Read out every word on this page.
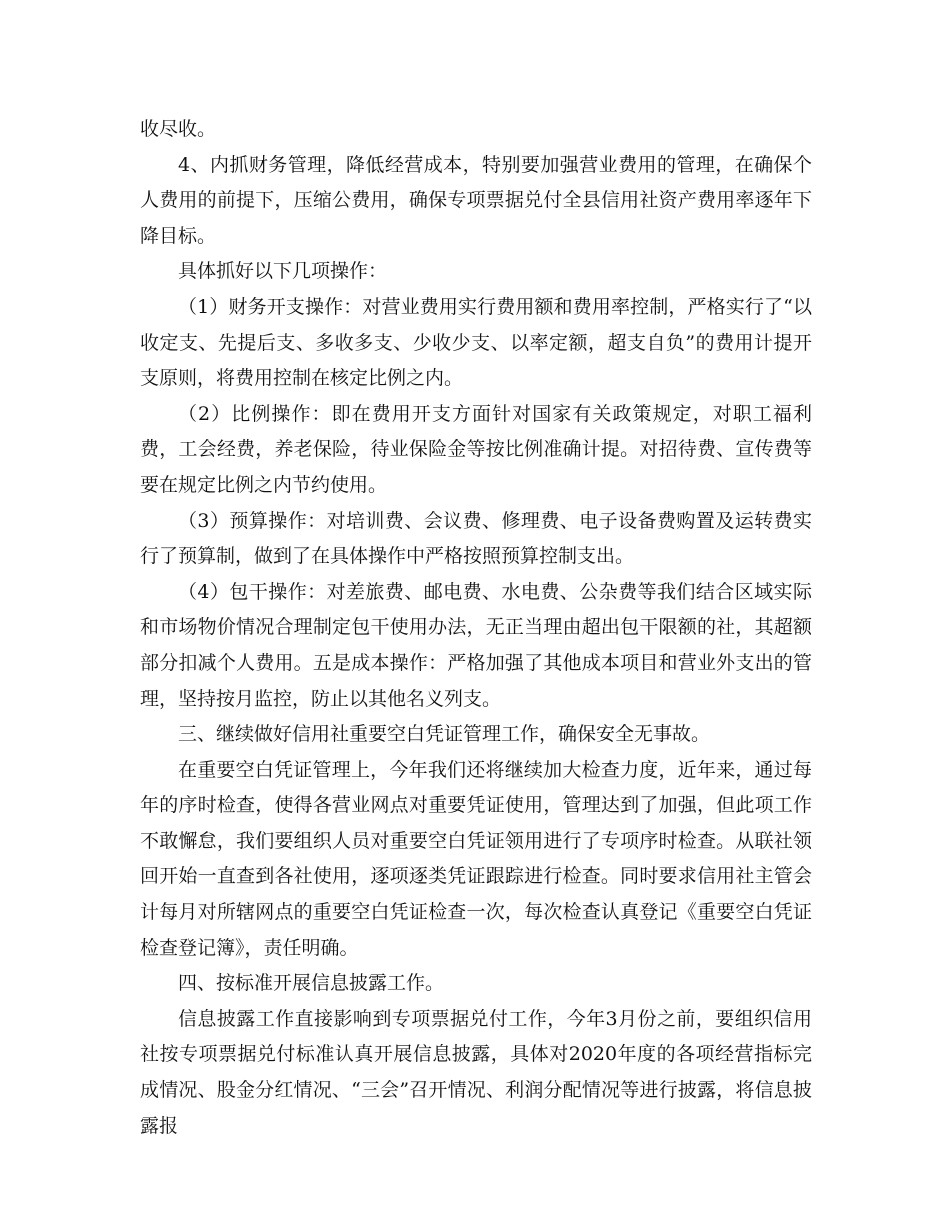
收尽收。

4、内抓财务管理，降低经营成本，特别要加强营业费用的管理，在确保个人费用的前提下，压缩公费用，确保专项票据兑付全县信用社资产费用率逐年下降目标。

具体抓好以下几项操作：

（1）财务开支操作：对营业费用实行费用额和费用率控制，严格实行了“以收定支、先提后支、多收多支、少收少支、以率定额，超支自负”的费用计提开支原则，将费用控制在核定比例之内。

（2）比例操作：即在费用开支方面针对国家有关政策规定，对职工福利费，工会经费，养老保险，待业保险金等按比例准确计提。对招待费、宣传费等要在规定比例之内节约使用。

（3）预算操作：对培训费、会议费、修理费、电子设备费购置及运转费实行了预算制，做到了在具体操作中严格按照预算控制支出。

（4）包干操作：对差旅费、邮电费、水电费、公杂费等我们结合区域实际和市场物价情况合理制定包干使用办法，无正当理由超出包干限额的社，其超额部分扣减个人费用。五是成本操作：严格加强了其他成本项目和营业外支出的管理，坚持按月监控，防止以其他名义列支。

三、继续做好信用社重要空白凭证管理工作，确保安全无事故。

在重要空白凭证管理上，今年我们还将继续加大检查力度，近年来，通过每年的序时检查，使得各营业网点对重要凭证使用，管理达到了加强，但此项工作不敢懈怠，我们要组织人员对重要空白凭证领用进行了专项序时检查。从联社领回开始一直查到各社使用，逐项逐类凭证跟踪进行检查。同时要求信用社主管会计每月对所辖网点的重要空白凭证检查一次，每次检查认真登记《重要空白凭证检查登记簿》，责任明确。

四、按标准开展信息披露工作。

信息披露工作直接影响到专项票据兑付工作，今年3月份之前，要组织信用社按专项票据兑付标准认真开展信息披露，具体对2020年度的各项经营指标完成情况、股金分红情况、“三会”召开情况、利润分配情况等进行披露，将信息披露报
